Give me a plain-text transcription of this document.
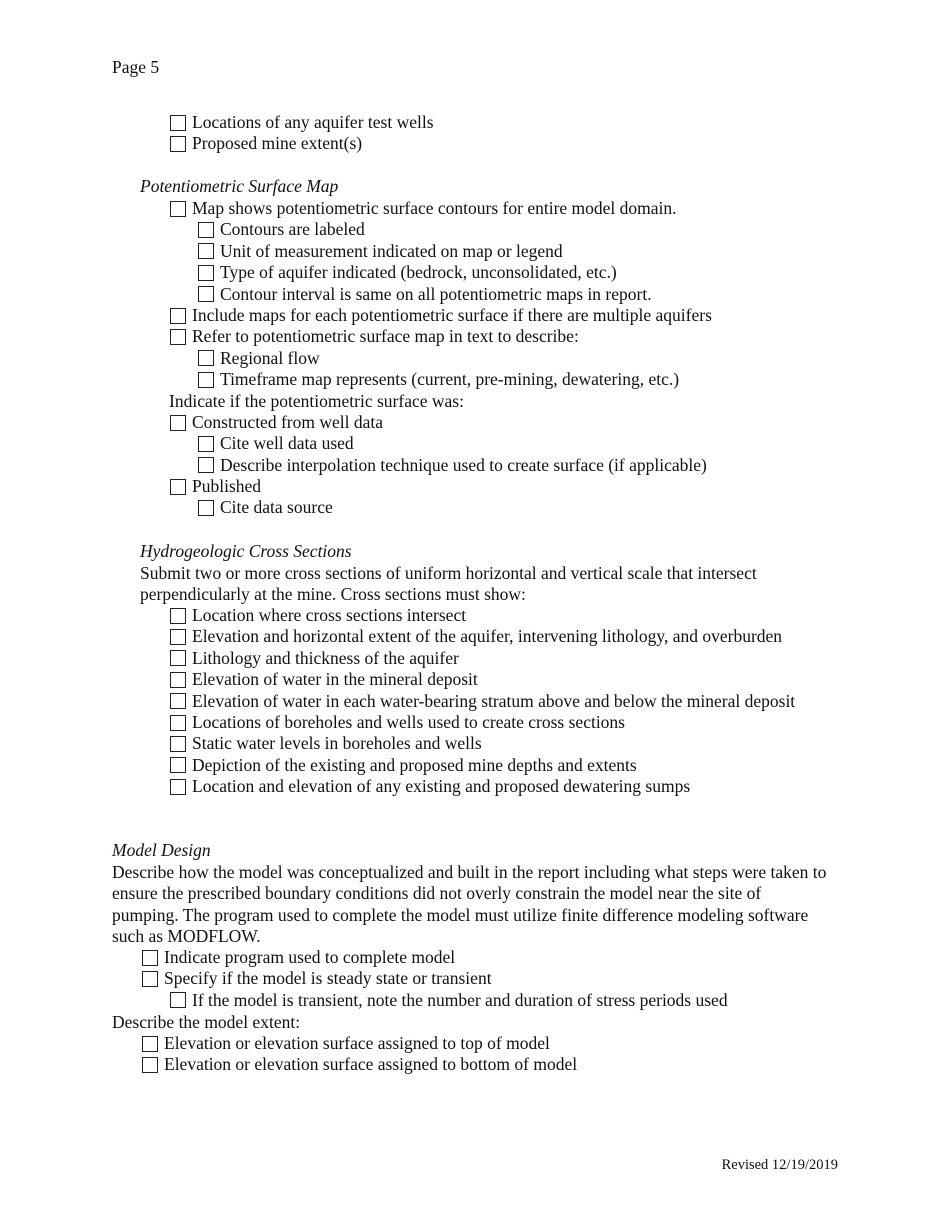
Page 5
Locations of any aquifer test wells
Proposed mine extent(s)
Potentiometric Surface Map
Map shows potentiometric surface contours for entire model domain.
Contours are labeled
Unit of measurement indicated on map or legend
Type of aquifer indicated (bedrock, unconsolidated, etc.)
Contour interval is same on all potentiometric maps in report.
Include maps for each potentiometric surface if there are multiple aquifers
Refer to potentiometric surface map in text to describe:
Regional flow
Timeframe map represents (current, pre-mining, dewatering, etc.)
Indicate if the potentiometric surface was:
Constructed from well data
Cite well data used
Describe interpolation technique used to create surface (if applicable)
Published
Cite data source
Hydrogeologic Cross Sections
Submit two or more cross sections of uniform horizontal and vertical scale that intersect perpendicularly at the mine. Cross sections must show:
Location where cross sections intersect
Elevation and horizontal extent of the aquifer, intervening lithology, and overburden
Lithology and thickness of the aquifer
Elevation of water in the mineral deposit
Elevation of water in each water-bearing stratum above and below the mineral deposit
Locations of boreholes and wells used to create cross sections
Static water levels in boreholes and wells
Depiction of the existing and proposed mine depths and extents
Location and elevation of any existing and proposed dewatering sumps
Model Design
Describe how the model was conceptualized and built in the report including what steps were taken to ensure the prescribed boundary conditions did not overly constrain the model near the site of pumping. The program used to complete the model must utilize finite difference modeling software such as MODFLOW.
Indicate program used to complete model
Specify if the model is steady state or transient
If the model is transient, note the number and duration of stress periods used
Describe the model extent:
Elevation or elevation surface assigned to top of model
Elevation or elevation surface assigned to bottom of model
Revised 12/19/2019
